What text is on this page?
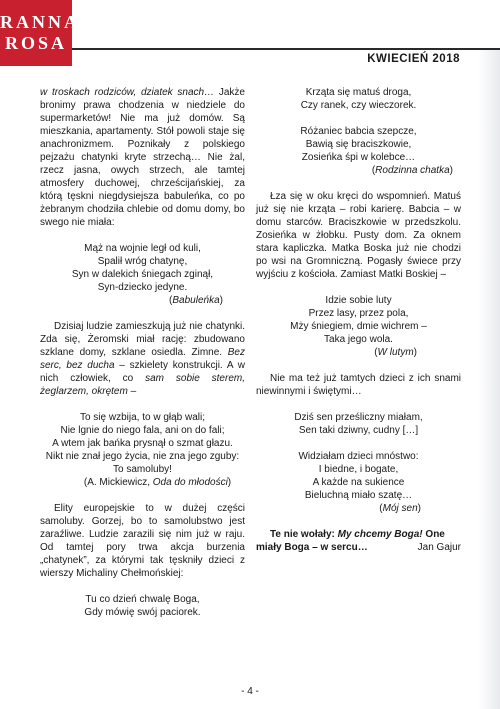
RANNA
ROSA
KWIECIEŃ 2018

w troskach rodziców, dziatek snach… Jakże bronimy prawa chodzenia w niedziele do supermarketów! Nie ma już domów. Są mieszkania, apartamenty. Stół powoli staje się anachronizmem. Poznikały z polskiego pejzażu chatynki kryte strzechą… Nie żal, rzecz jasna, owych strzech, ale tamtej atmosfery duchowej, chrześcijańskiej, za którą tęskni niegdysiejsza babuleńka, co po żebranym chodziła chlebie od domu domy, bo swego nie miała:

Mąż na wojnie legł od kuli,

Spalił wróg chatynę,

Syn w dalekich śniegach zginął,

Syn-dziecko jedyne.

(Babuleńka)

Dzisiaj ludzie zamieszkują już nie chatynki. Zda się, Żeromski miał rację: zbudowano szklane domy, szklane osiedla. Zimne. Bez serc, bez ducha – szkielety konstrukcji. A w nich człowiek, co sam sobie sterem, żeglarzem, okrętem –

To się wzbija, to w głąb wali;

Nie lgnie do niego fala, ani on do fali;

A wtem jak bańka prysnął o szmat głazu.

Nikt nie znał jego życia, nie zna jego zguby:

To samoluby!

(A. Mickiewicz, Oda do młodości)

Elity europejskie to w dużej części samoluby. Gorzej, bo to samolubstwo jest zaraźliwe. Ludzie zarazili się nim już w raju. Od tamtej pory trwa akcja burzenia „chatynek”, za którymi tak tęskniły dzieci z wierszy Michaliny Chełmońskiej:

Tu co dzień chwalę Boga,

Gdy mówię swój paciorek.

Krząta się matuś droga,

Czy ranek, czy wieczorek.

Różaniec babcia szepcze,

Bawią się braciszkowie,

Zosieńka śpi w kolebce…

(Rodzinna chatka)

Łza się w oku kręci do wspomnień. Matuś już się nie krząta – robi karierę. Babcia – w domu starców. Braciszkowie w przedszkolu. Zosieńka w żłobku. Pusty dom. Za oknem stara kapliczka. Matka Boska już nie chodzi po wsi na Gromniczną. Pogasły świece przy wyjściu z kościoła. Zamiast Matki Boskiej –

Idzie sobie luty

Przez lasy, przez pola,

Mży śniegiem, dmie wichrem –

Taka jego wola.

(W lutym)

Nie ma też już tamtych dzieci z ich snami niewinnymi i świętymi…

Dziś sen prześliczny miałam,

Sen taki dziwny, cudny […]

Widziałam dzieci mnóstwo:

I biedne, i bogate,

A każde na sukience

Bieluchną miało szatę…

(Mój sen)

Te nie wołały: My chcemy Boga! One miały Boga – w sercu…	Jan Gajur

- 4 -
